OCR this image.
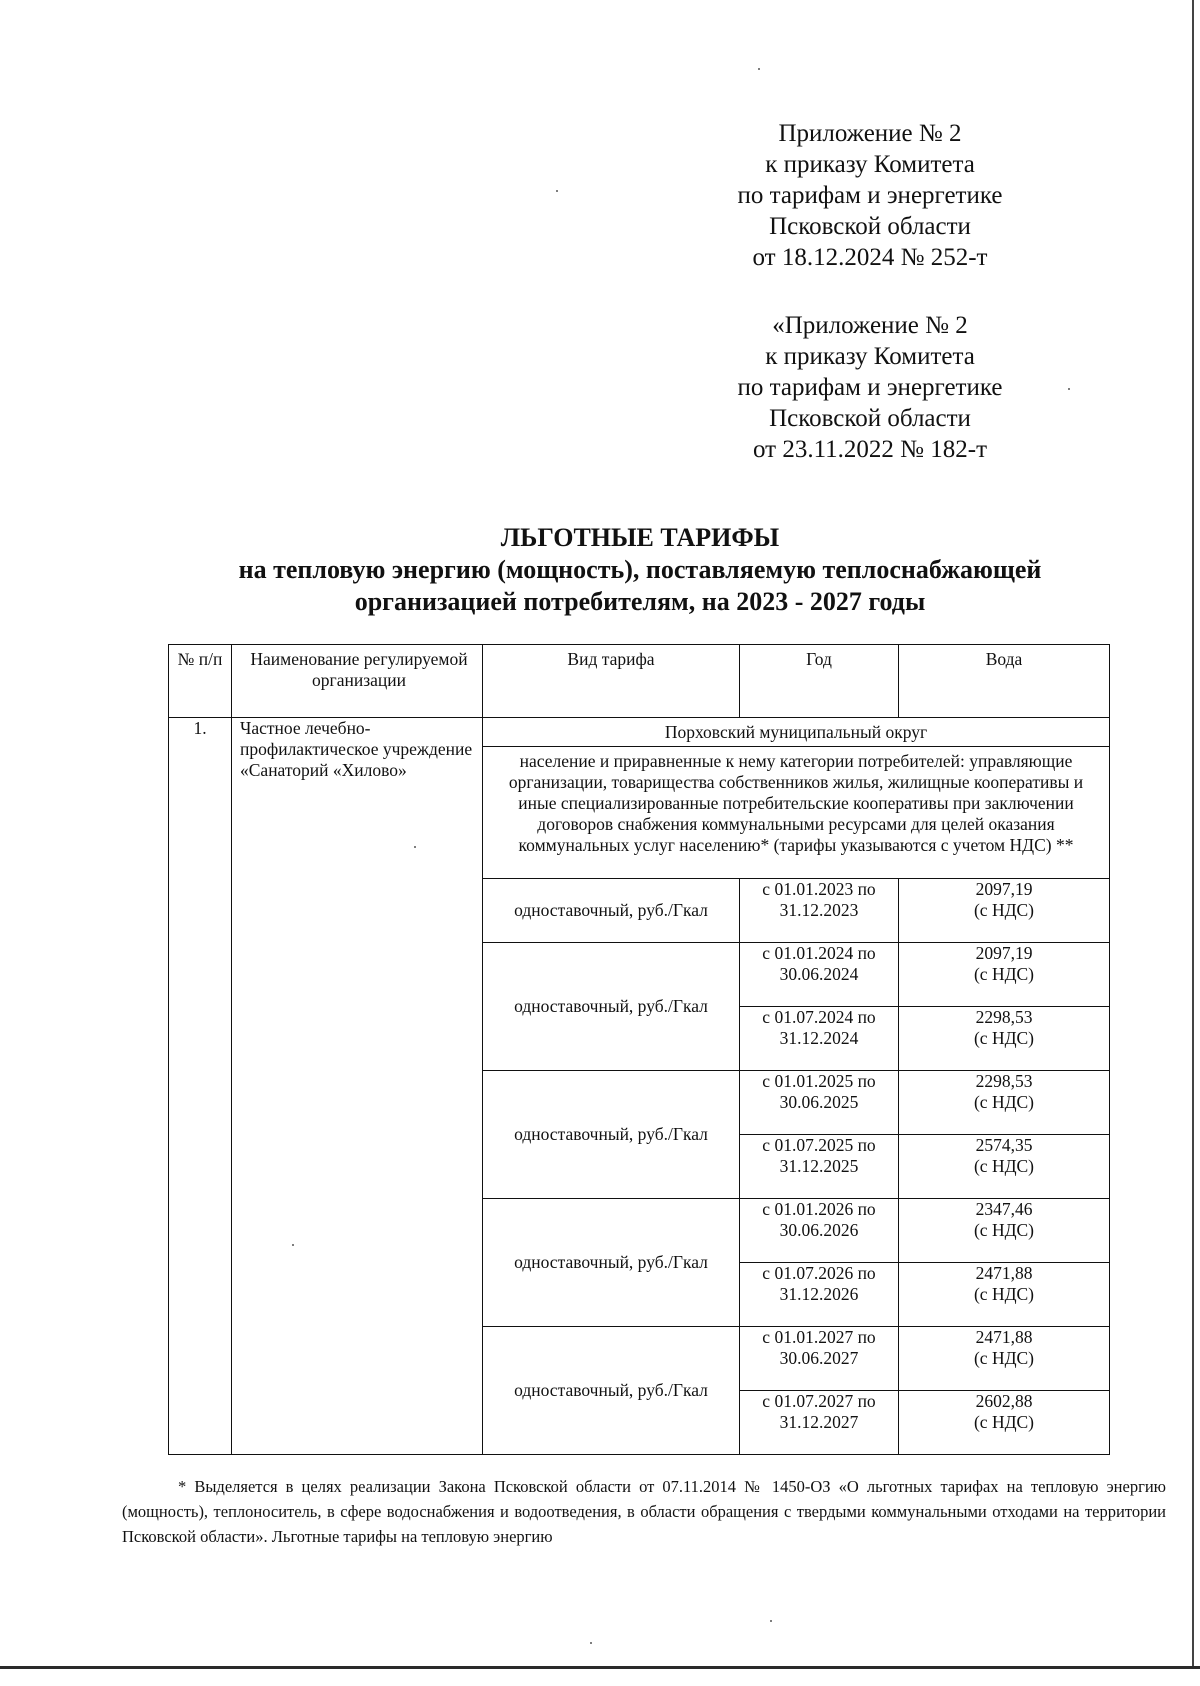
Приложение № 2
к приказу Комитета
по тарифам и энергетике
Псковской области
от 18.12.2024 № 252-т
«Приложение № 2
к приказу Комитета
по тарифам и энергетике
Псковской области
от 23.11.2022 № 182-т
ЛЬГОТНЫЕ ТАРИФЫ
на тепловую энергию (мощность), поставляемую теплоснабжающей
организацией потребителям, на 2023 - 2027 годы
№ п/п	Наименование регулируемой организации	Вид тарифа	Год	Вода
1.	Частное лечебно-профилактическое учреждение «Санаторий «Хилово»	Порховский муниципальный округ		
		население и приравненные к нему категории потребителей: управляющие организации, товарищества собственников жилья, жилищные кооперативы и иные специализированные потребительские кооперативы при заключении договоров снабжения коммунальными ресурсами для целей оказания коммунальных услуг населению* (тарифы указываются с учетом НДС) **		
		одноставочный, руб./Гкал	с 01.01.2023 по 31.12.2023	2097,19
(с НДС)

		одноставочный, руб./Гкал	с 01.01.2024 по 30.06.2024	2097,19
(с НДС)

			с 01.07.2024 по 31.12.2024	2298,53
(с НДС)

		одноставочный, руб./Гкал	с 01.01.2025 по 30.06.2025	2298,53
(с НДС)

			с 01.07.2025 по 31.12.2025	2574,35
(с НДС)

		одноставочный, руб./Гкал	с 01.01.2026 по 30.06.2026	2347,46
(с НДС)

			с 01.07.2026 по 31.12.2026	2471,88
(с НДС)

		одноставочный, руб./Гкал	с 01.01.2027 по 30.06.2027	2471,88
(с НДС)

			с 01.07.2027 по 31.12.2027	2602,88
(с НДС)
* Выделяется в целях реализации Закона Псковской области от 07.11.2014 № 1450-ОЗ «О льготных тарифах на тепловую энергию (мощность), теплоноситель, в сфере водоснабжения и водоотведения, в области обращения с твердыми коммунальными отходами на территории Псковской области». Льготные тарифы на тепловую энергию
